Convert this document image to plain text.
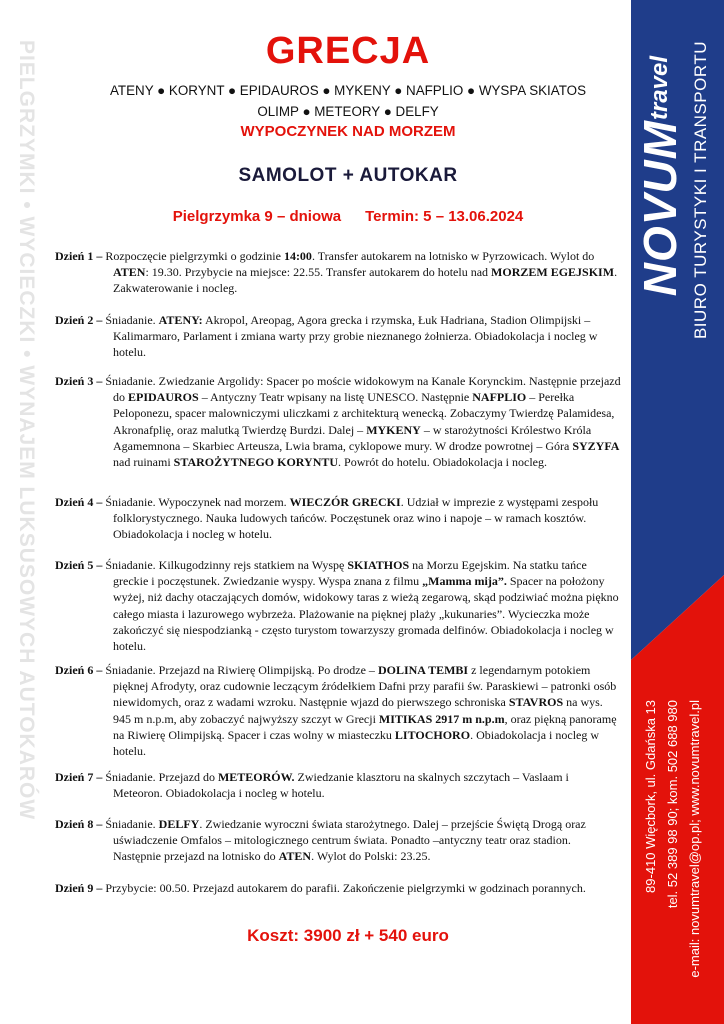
PIELGRZYMKI • WYCIECZKI • WYNAJEM LUKSUSOWYCH AUTOKARÓW	NOVUMtravel	BIURO TURYSTYKI I TRANSPORTU
89-410 Więcbork, ul. Gdańska 13 tel. 52 389 98 90; kom. 502 688 980 e-mail: novumtravel@op.pl; www.novumtravel.pl
GRECJA
ATENY ● KORYNT ● EPIDAUROS ● MYKENY ● NAFPLIO ● WYSPA SKIATOS
OLIMP ● METEORY ● DELFY
WYPOCZYNEK NAD MORZEM
SAMOLOT + AUTOKAR
Pielgrzymka 9 – dniowa Termin: 5 – 13.06.2024
Dzień 1 – Rozpoczęcie pielgrzymki o godzinie 14:00. Transfer autokarem na lotnisko w Pyrzowicach. Wylot do ATEN: 19.30. Przybycie na miejsce: 22.55. Transfer autokarem do hotelu nad MORZEM EGEJSKIM. Zakwaterowanie i nocleg.
Dzień 2 – Śniadanie. ATENY: Akropol, Areopag, Agora grecka i rzymska, Łuk Hadriana, Stadion Olimpijski – Kalimarmaro, Parlament i zmiana warty przy grobie nieznanego żołnierza. Obiadokolacja i nocleg w hotelu.
Dzień 3 – Śniadanie. Zwiedzanie Argolidy: Spacer po moście widokowym na Kanale Korynckim. Następnie przejazd do EPIDAUROS – Antyczny Teatr wpisany na listę UNESCO. Następnie NAFPLIO – Perełka Peloponezu, spacer malowniczymi uliczkami z architekturą wenecką. Zobaczymy Twierdzę Palamidesa, Akronafplię, oraz malutką Twierdzę Burdzi. Dalej – MYKENY – w starożytności Królestwo Króla Agamemnona – Skarbiec Arteusza, Lwia brama, cyklopowe mury. W drodze powrotnej – Góra SYZYFA nad ruinami STAROŻYTNEGO KORYNTU. Powrót do hotelu. Obiadokolacja i nocleg.
Dzień 4 – Śniadanie. Wypoczynek nad morzem. WIECZÓR GRECKI. Udział w imprezie z występami zespołu folklorystycznego. Nauka ludowych tańców. Poczęstunek oraz wino i napoje – w ramach kosztów. Obiadokolacja i nocleg w hotelu.
Dzień 5 – Śniadanie. Kilkugodzinny rejs statkiem na Wyspę SKIATHOS na Morzu Egejskim. Na statku tańce greckie i poczęstunek. Zwiedzanie wyspy. Wyspa znana z filmu „Mamma mija”. Spacer na położony wyżej, niż dachy otaczających domów, widokowy taras z wieżą zegarową, skąd podziwiać można piękno całego miasta i lazurowego wybrzeża. Plażowanie na pięknej plaży „kukunaries”. Wycieczka może zakończyć się niespodzianką - często turystom towarzyszy gromada delfinów. Obiadokolacja i nocleg w hotelu.
Dzień 6 – Śniadanie. Przejazd na Riwierę Olimpijską. Po drodze – DOLINA TEMBI z legendarnym potokiem pięknej Afrodyty, oraz cudownie leczącym źródełkiem Dafni przy parafii św. Paraskiewi – patronki osób niewidomych, oraz z wadami wzroku. Następnie wjazd do pierwszego schroniska STAVROS na wys. 945 m n.p.m, aby zobaczyć najwyższy szczyt w Grecji MITIKAS 2917 m n.p.m, oraz piękną panoramę na Riwierę Olimpijską. Spacer i czas wolny w miasteczku LITOCHORO. Obiadokolacja i nocleg w hotelu.
Dzień 7 – Śniadanie. Przejazd do METEORÓW. Zwiedzanie klasztoru na skalnych szczytach – Vaslaam i Meteoron. Obiadokolacja i nocleg w hotelu.
Dzień 8 – Śniadanie. DELFY. Zwiedzanie wyroczni świata starożytnego. Dalej – przejście Świętą Drogą oraz uświadczenie Omfalos – mitologicznego centrum świata. Ponadto –antyczny teatr oraz stadion. Następnie przejazd na lotnisko do ATEN. Wylot do Polski: 23.25.
Dzień 9 – Przybycie: 00.50. Przejazd autokarem do parafii. Zakończenie pielgrzymki w godzinach porannych.
Koszt: 3900 zł + 540 euro
